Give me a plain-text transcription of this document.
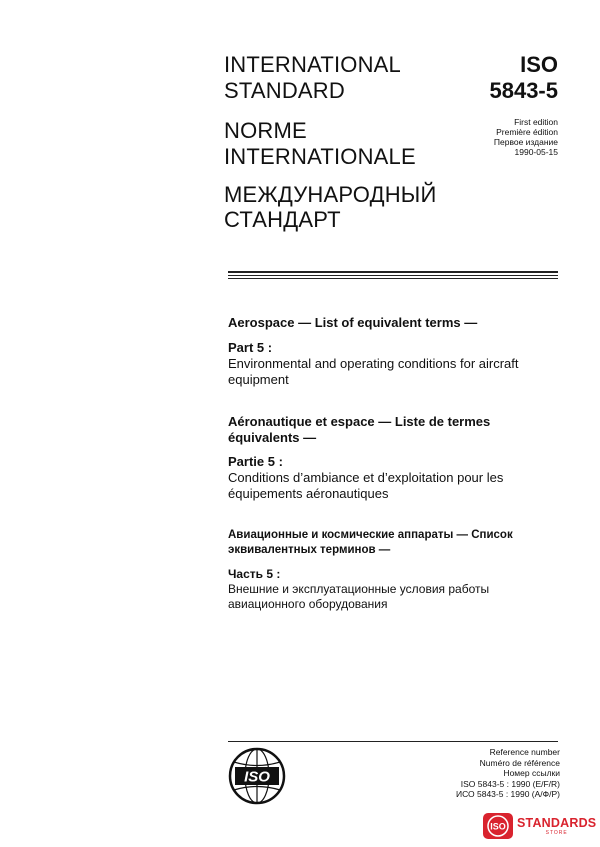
INTERNATIONAL
STANDARD
NORME
INTERNATIONALE
МЕЖДУНАРОДНЫЙ
СТАНДАРТ
ISO
5843-5
First edition
Première édition
Первое издание
1990-05-15
Aerospace — List of equivalent terms —
Part 5 :
Environmental and operating conditions for aircraft
equipment
Aéronautique et espace — Liste de termes
équivalents —
Partie 5 :
Conditions d’ambiance et d’exploitation pour les
équipements aéronautiques
Авиационные и космические аппараты — Список
эквивалентных терминов —
Часть 5 :
Внешние и эксплуатационные условия работы
авиационного оборудования
ISO
Reference number
Numéro de référence
Номер ссылки
ISO 5843-5 : 1990 (E/F/R)
ИСО 5843-5 : 1990 (А/Ф/Р)
ISO STANDARDS
STORE
